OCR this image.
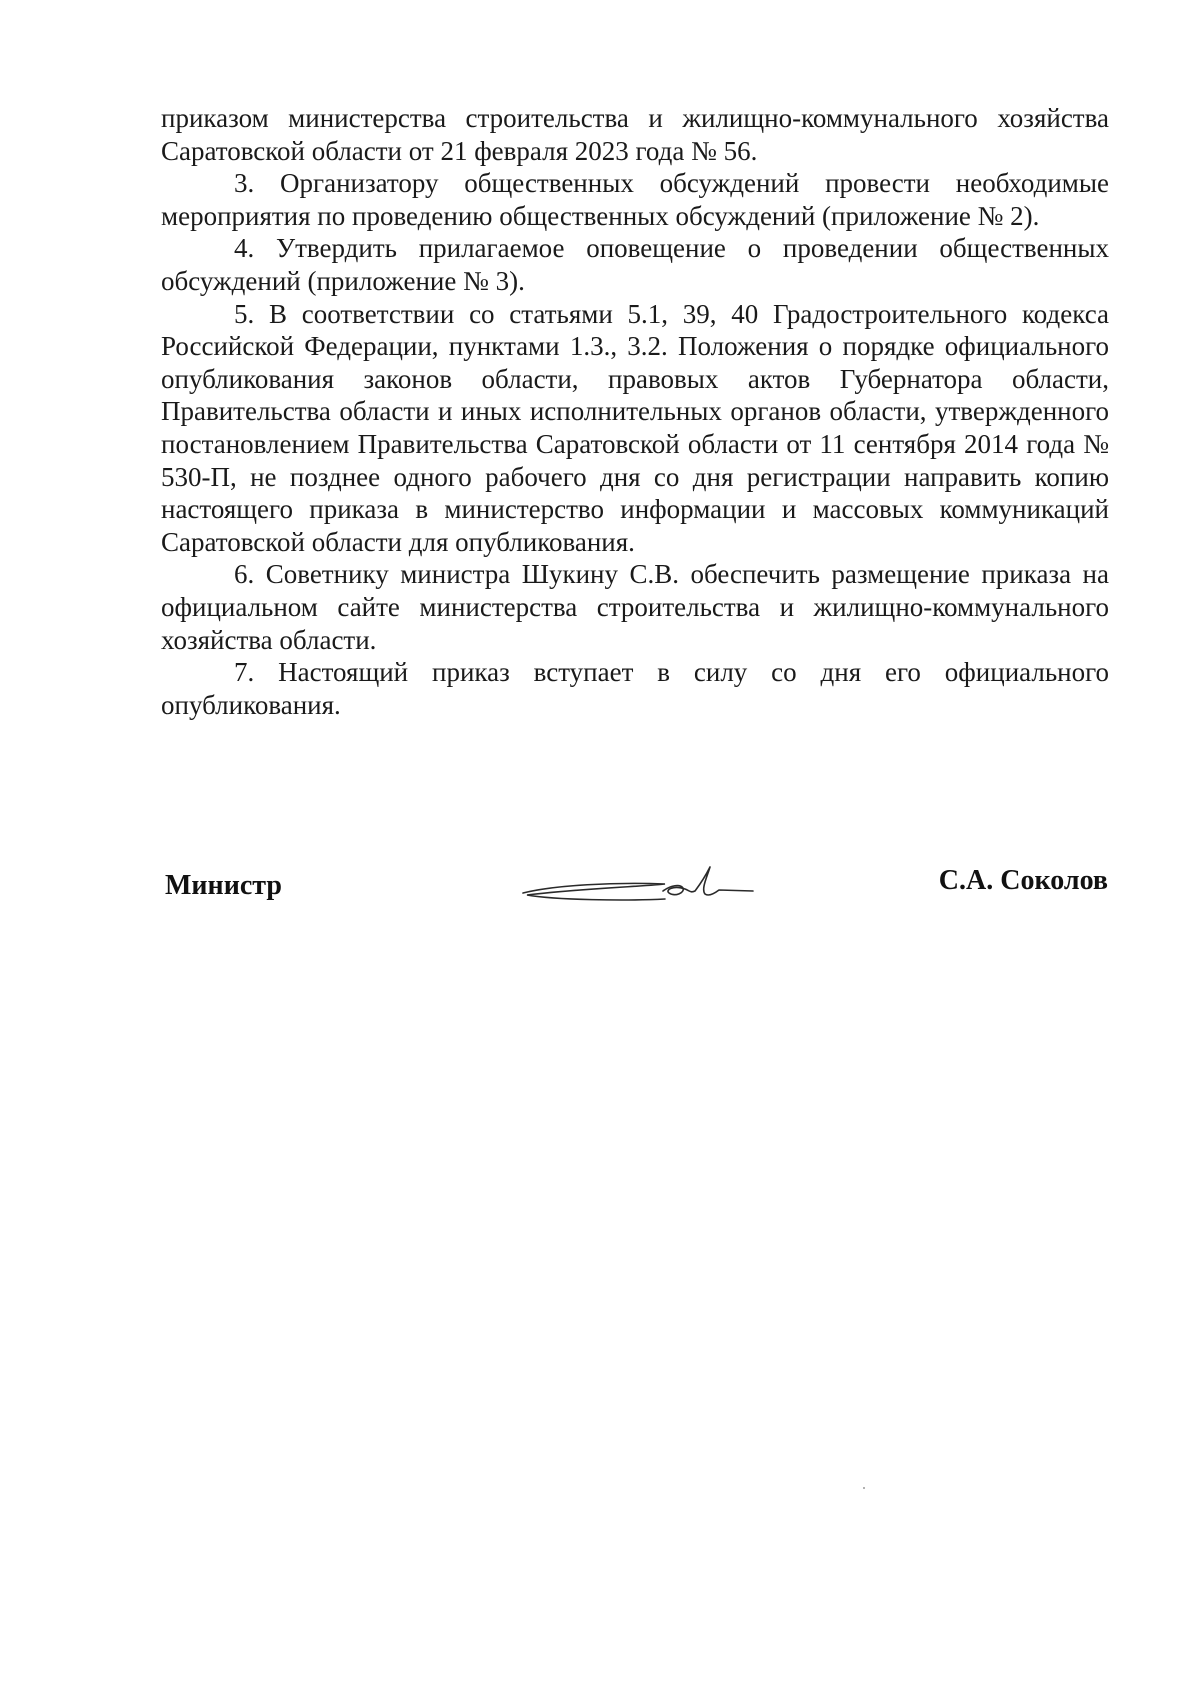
приказом министерства строительства и жилищно-коммунального хозяйства Саратовской области от 21 февраля 2023 года № 56.

3. Организатору общественных обсуждений провести необходимые мероприятия по проведению общественных обсуждений (приложение № 2).

4. Утвердить прилагаемое оповещение о проведении общественных обсуждений (приложение № 3).

5. В соответствии со статьями 5.1, 39, 40 Градостроительного кодекса Российской Федерации, пунктами 1.3., 3.2. Положения о порядке официального опубликования законов области, правовых актов Губернатора области, Правительства области и иных исполнительных органов области, утвержденного постановлением Правительства Саратовской области от 11 сентября 2014 года № 530-П, не позднее одного рабочего дня со дня регистрации направить копию настоящего приказа в министерство информации и массовых коммуникаций Саратовской области для опубликования.

6. Советнику министра Шукину С.В. обеспечить размещение приказа на официальном сайте министерства строительства и жилищно-коммунального хозяйства области.

7. Настоящий приказ вступает в силу со дня его официального опубликования.

Министр	С.А. Соколов
